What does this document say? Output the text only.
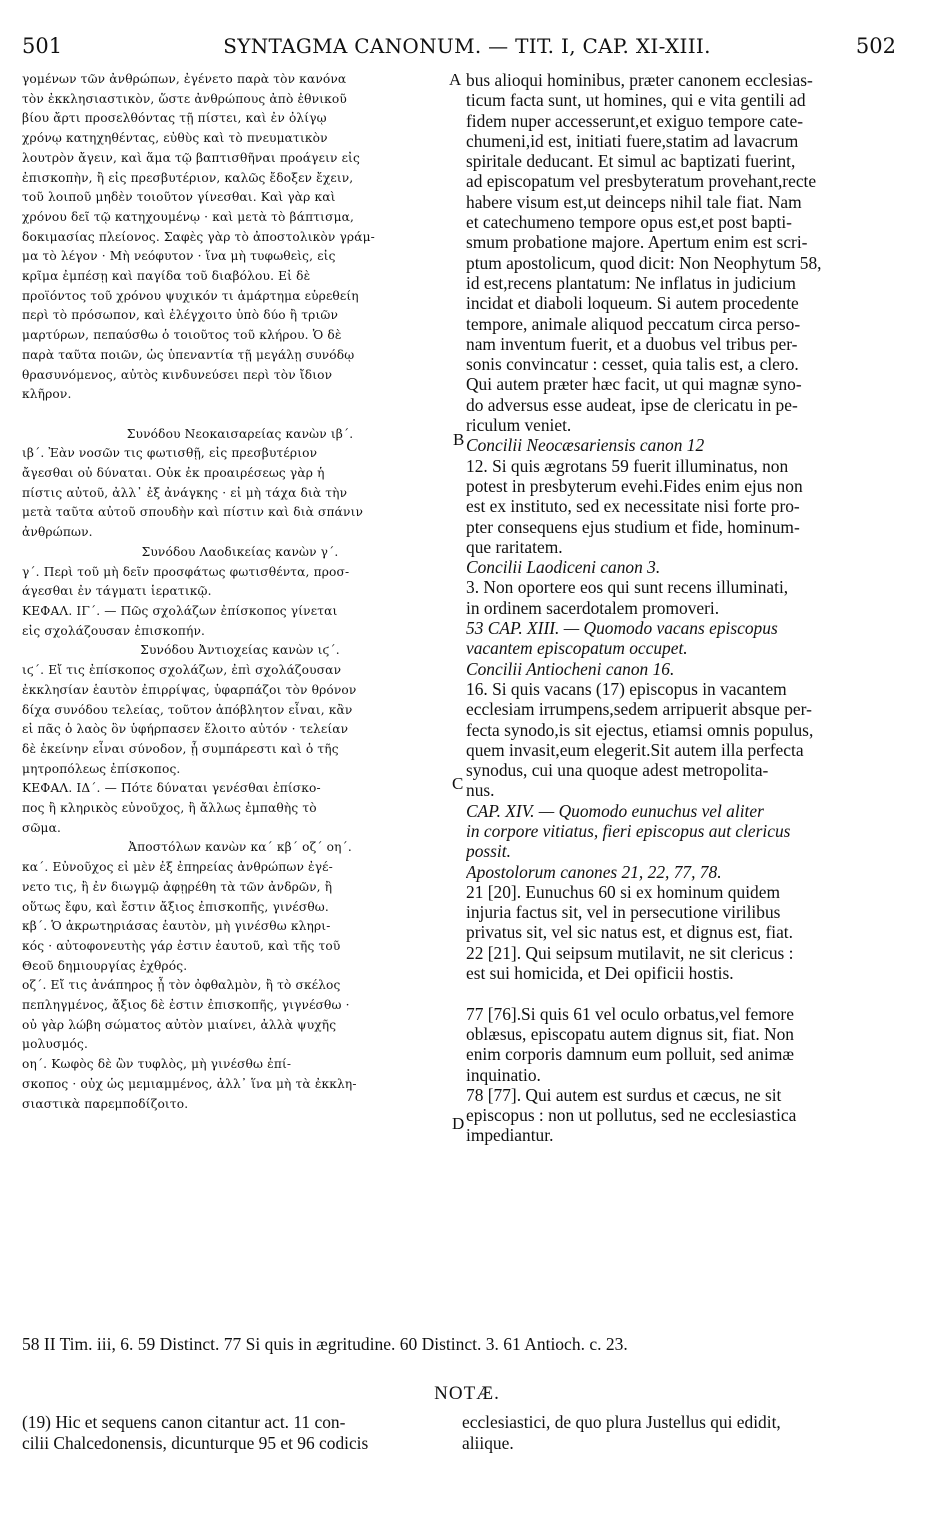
501	SYNTAGMA CANONUM. — TIT. I, CAP. XI-XIII.	502
γομένων τῶν ἀνθρώπων, ἐγένετο παρὰ τὸν κανόνα
τὸν ἐκκλησιαστικὸν, ὥστε ἀνθρώπους ἀπὸ ἐθνικοῦ
βίου ἄρτι προσελθόντας τῇ πίστει, καὶ ἐν ὀλίγῳ
χρόνῳ κατηχηθέντας, εὐθὺς καὶ τὸ πνευματικὸν
λουτρὸν ἄγειν, καὶ ἅμα τῷ βαπτισθῆναι προάγειν εἰς
ἐπισκοπὴν, ἢ εἰς πρεσβυτέριον, καλῶς ἔδοξεν ἔχειν,
τοῦ λοιποῦ μηδὲν τοιοῦτον γίνεσθαι. Καὶ γὰρ καὶ
χρόνου δεῖ τῷ κατηχουμένῳ · καὶ μετὰ τὸ βάπτισμα,
δοκιμασίας πλείονος. Σαφὲς γὰρ τὸ ἀποστολικὸν γράμ-
μα τὸ λέγον · Μὴ νεόφυτον · ἵνα μὴ τυφωθεὶς, εἰς
κρῖμα ἐμπέσῃ καὶ παγίδα τοῦ διαβόλου. Εἰ δὲ
προϊόντος τοῦ χρόνου ψυχικόν τι ἁμάρτημα εὑρεθείη
περὶ τὸ πρόσωπον, καὶ ἐλέγχοιτο ὑπὸ δύο ἢ τριῶν
μαρτύρων, πεπαύσθω ὁ τοιοῦτος τοῦ κλήρου. Ὁ δὲ
παρὰ ταῦτα ποιῶν, ὡς ὑπεναντία τῇ μεγάλῃ συνόδῳ
θρασυνόμενος, αὐτὸς κινδυνεύσει περὶ τὸν ἴδιον
κλῆρον.

Συνόδου Νεοκαισαρείας κανὼν ιβ΄.
ιβ΄. Ἐὰν νοσῶν τις φωτισθῇ, εἰς πρεσβυτέριον
ἄγεσθαι οὐ δύναται. Οὐκ ἐκ προαιρέσεως γὰρ ἡ
πίστις αὐτοῦ, ἀλλ᾽ ἐξ ἀνάγκης · εἰ μὴ τάχα διὰ τὴν
μετὰ ταῦτα αὐτοῦ σπουδὴν καὶ πίστιν καὶ διὰ σπάνιν
ἀνθρώπων.
Συνόδου Λαοδικείας κανὼν γ΄.
γ΄. Περὶ τοῦ μὴ δεῖν προσφάτως φωτισθέντα, προσ-
άγεσθαι ἐν τάγματι ἱερατικῷ.
ΚΕΦΑΛ. ΙΓ΄. — Πῶς σχολάζων ἐπίσκοπος γίνεται
εἰς σχολάζουσαν ἐπισκοπήν.
Συνόδου Ἀντιοχείας κανὼν ιϛ΄.
ιϛ΄. Εἴ τις ἐπίσκοπος σχολάζων, ἐπὶ σχολάζουσαν
ἐκκλησίαν ἑαυτὸν ἐπιρρίψας, ὑφαρπάζοι τὸν θρόνον
δίχα συνόδου τελείας, τοῦτον ἀπόβλητον εἶναι, κἂν
εἰ πᾶς ὁ λαὸς ὃν ὑφήρπασεν ἕλοιτο αὐτόν · τελείαν
δὲ ἐκείνην εἶναι σύνοδον, ᾗ συμπάρεστι καὶ ὁ τῆς
μητροπόλεως ἐπίσκοπος.
ΚΕΦΑΛ. ΙΔ΄. — Πότε δύναται γενέσθαι ἐπίσκο-
πος ἢ κληρικὸς εὐνοῦχος, ἢ ἄλλως ἐμπαθὴς τὸ
σῶμα.
Ἀποστόλων κανὼν κα΄ κβ΄ οζ΄ οη΄.
κα΄. Εὐνοῦχος εἰ μὲν ἐξ ἐπηρείας ἀνθρώπων ἐγέ-
νετο τις, ἢ ἐν διωγμῷ ἀφῃρέθη τὰ τῶν ἀνδρῶν, ἢ
οὕτως ἔφυ, καὶ ἔστιν ἄξιος ἐπισκοπῆς, γινέσθω.
κβ΄. Ὁ ἀκρωτηριάσας ἑαυτὸν, μὴ γινέσθω κληρι-
κός · αὐτοφονευτὴς γάρ ἐστιν ἑαυτοῦ, καὶ τῆς τοῦ
Θεοῦ δημιουργίας ἐχθρός.
οζ΄. Εἴ τις ἀνάπηρος ᾖ τὸν ὀφθαλμὸν, ἢ τὸ σκέλος
πεπληγμένος, ἄξιος δὲ ἐστιν ἐπισκοπῆς, γιγνέσθω ·
οὐ γὰρ λώβη σώματος αὐτὸν μιαίνει, ἀλλὰ ψυχῆς
μολυσμός.
οη΄. Κωφὸς δὲ ὢν τυφλὸς, μὴ γινέσθω ἐπί-
σκοπος · οὐχ ὡς μεμιαμμένος, ἀλλ᾽ ἵνα μὴ τὰ ἐκκλη-
σιαστικὰ παρεμποδίζοιτο.
bus alioqui hominibus, præter canonem ecclesias-
ticum facta sunt, ut homines, qui e vita gentili ad
fidem nuper accesserunt,et exiguo tempore cate-
chumeni,id est, initiati fuere,statim ad lavacrum
spiritale deducant. Et simul ac baptizati fuerint,
ad episcopatum vel presbyteratum provehant,recte
habere visum est,ut deinceps nihil tale fiat. Nam
et catechumeno tempore opus est,et post bapti-
smum probatione majore. Apertum enim est scri-
ptum apostolicum, quod dicit: Non Neophytum 58,
id est,recens plantatum: Ne inflatus in judicium
incidat et diaboli loqueum. Si autem procedente
tempore, animale aliquod peccatum circa perso-
nam inventum fuerit, et a duobus vel tribus per-
sonis convincatur : cesset, quia talis est, a clero.
Qui autem præter hæc facit, ut qui magnæ syno-
do adversus esse audeat, ipse de clericatu in pe-
riculum veniet.
Concilii Neocæsariensis canon 12
12. Si quis ægrotans 59 fuerit illuminatus, non
potest in presbyterum evehi.Fides enim ejus non
est ex instituto, sed ex necessitate nisi forte pro-
pter consequens ejus studium et fide, hominum-
que raritatem.
Concilii Laodiceni canon 3.
3. Non oportere eos qui sunt recens illuminati,
in ordinem sacerdotalem promoveri.
53 CAP. XIII. — Quomodo vacans episcopus
vacantem episcopatum occupet.
Concilii Antiocheni canon 16.
16. Si quis vacans (17) episcopus in vacantem
ecclesiam irrumpens,sedem arripuerit absque per-
fecta synodo,is sit ejectus, etiamsi omnis populus,
quem invasit,eum elegerit.Sit autem illa perfecta
synodus, cui una quoque adest metropolita-
nus.
CAP. XIV. — Quomodo eunuchus vel aliter
in corpore vitiatus, fieri episcopus aut clericus
possit.
Apostolorum canones 21, 22, 77, 78.
21 [20]. Eunuchus 60 si ex hominum quidem
injuria factus sit, vel in persecutione virilibus
privatus sit, vel sic natus est, et dignus est, fiat.
22 [21]. Qui seipsum mutilavit, ne sit clericus :
est sui homicida, et Dei opificii hostis.

77 [76].Si quis 61 vel oculo orbatus,vel femore
oblæsus, episcopatu autem dignus sit, fiat. Non
enim corporis damnum eum polluit, sed animæ
inquinatio.
78 [77]. Qui autem est surdus et cæcus, ne sit
episcopus : non ut pollutus, sed ne ecclesiastica
impediantur.
A
B
C
D
58 II Tim. iii, 6. 59 Distinct. 77 Si quis in ægritudine. 60 Distinct. 3. 61 Antioch. c. 23.
NOTÆ.
(19) Hic et sequens canon citantur act. 11 con-
cilii Chalcedonensis, dicunturque 95 et 96 codicis
ecclesiastici, de quo plura Justellus qui edidit,
aliique.
